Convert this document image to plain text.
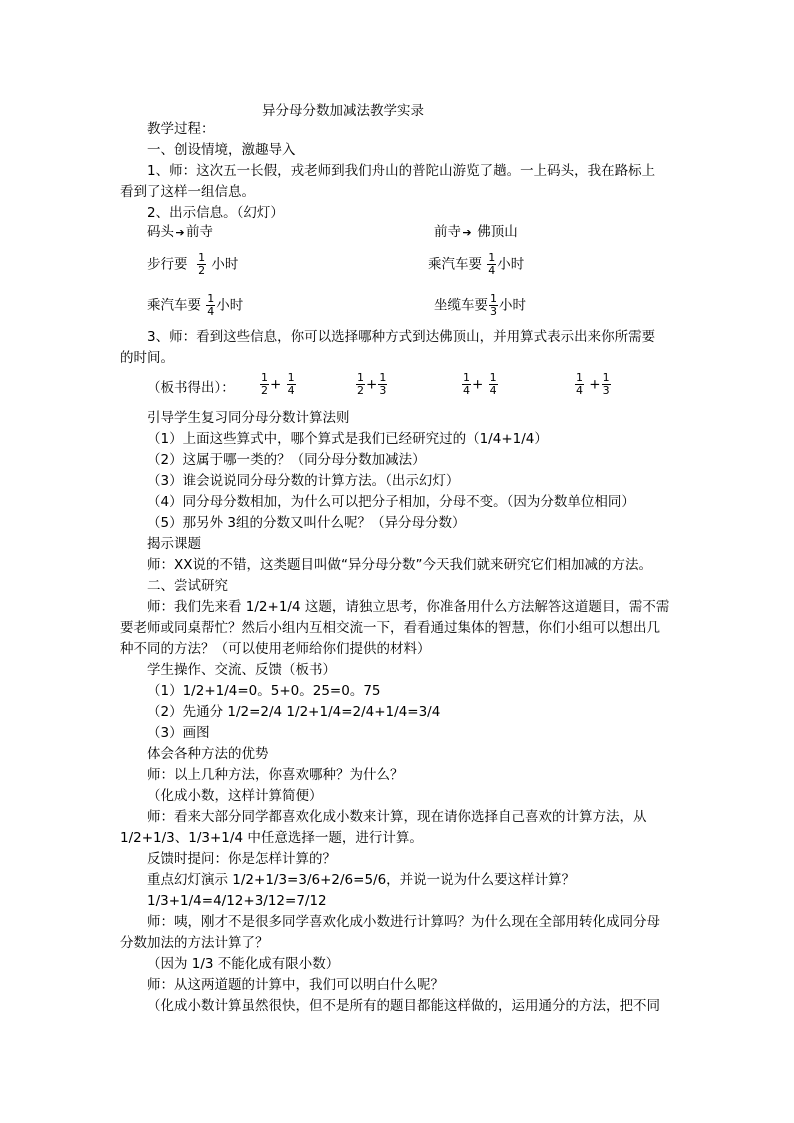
异分母分数加减法教学实录
教学过程：
一、创设情境，激趣导入
1、师：这次五一长假，戎老师到我们舟山的普陀山游览了趟。一上码头，我在路标上
看到了这样一组信息。
2、出示信息。（幻灯）
码头➔前寺	前寺➔ 佛顶山
步行要 $\frac{1}{2}$ 小时	乘汽车要 $\frac{1}{4}$ 小时
乘汽车要 $\frac{1}{4}$ 小时	坐缆车要 $\frac{1}{3}$ 小时
3、师：看到这些信息，你可以选择哪种方式到达佛顶山，并用算式表示出来你所需要
的时间。
（板书得出）： $\frac{1}{2} + \frac{1}{4}$	$\frac{1}{2} + \frac{1}{3}$	$\frac{1}{4} + \frac{1}{4}$	$\frac{1}{4} + \frac{1}{3}$
引导学生复习同分母分数计算法则
（1）上面这些算式中，哪个算式是我们已经研究过的（1/4+1/4）
（2）这属于哪一类的？（同分母分数加减法）
（3）谁会说说同分母分数的计算方法。（出示幻灯）
（4）同分母分数相加，为什么可以把分子相加，分母不变。（因为分数单位相同）
（5）那另外 3组的分数又叫什么呢？（异分母分数）
揭示课题
师：XX说的不错，这类题目叫做“异分母分数”今天我们就来研究它们相加减的方法。
二、尝试研究
师：我们先来看 1/2+1/4 这题，请独立思考，你准备用什么方法解答这道题目，需不需
要老师或同桌帮忙？然后小组内互相交流一下，看看通过集体的智慧，你们小组可以想出几
种不同的方法？（可以使用老师给你们提供的材料）
学生操作、交流、反馈（板书）
（1）1/2+1/4=0。5+0。25=0。75
（2）先通分 1/2=2/4 1/2+1/4=2/4+1/4=3/4
（3）画图
体会各种方法的优势
师：以上几种方法，你喜欢哪种？为什么？
（化成小数，这样计算简便）
师：看来大部分同学都喜欢化成小数来计算，现在请你选择自己喜欢的计算方法，从
1/2+1/3、1/3+1/4 中任意选择一题，进行计算。
反馈时提问：你是怎样计算的？
重点幻灯演示 1/2+1/3=3/6+2/6=5/6，并说一说为什么要这样计算？
1/3+1/4=4/12+3/12=7/12
师：咦，刚才不是很多同学喜欢化成小数进行计算吗？为什么现在全部用转化成同分母
分数加法的方法计算了？
（因为 1/3 不能化成有限小数）
师：从这两道题的计算中，我们可以明白什么呢？
（化成小数计算虽然很快，但不是所有的题目都能这样做的，运用通分的方法，把不同
